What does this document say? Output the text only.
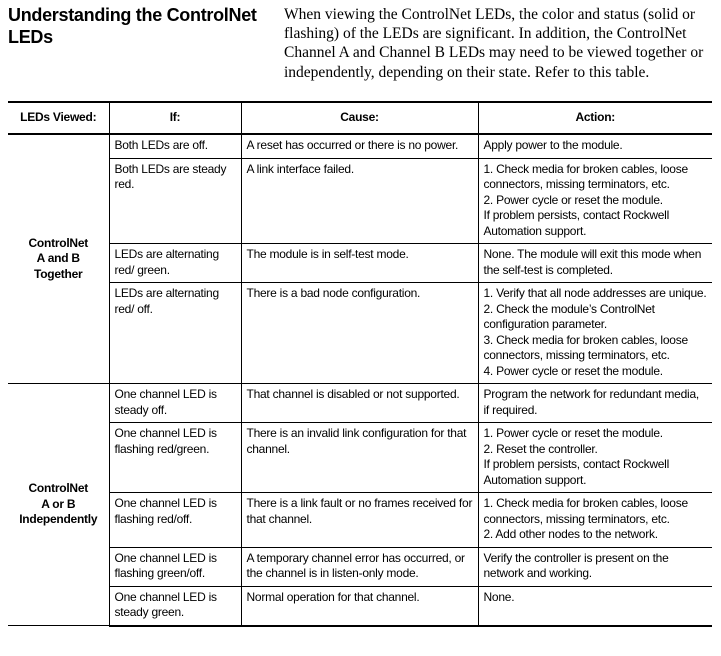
Understanding the ControlNet LEDs
When viewing the ControlNet LEDs, the color and status (solid or flashing) of the LEDs are significant. In addition, the ControlNet Channel A and Channel B LEDs may need to be viewed together or independently, depending on their state. Refer to this table.
LEDs Viewed:	If:	Cause:	Action:

ControlNet
A and B
Together	Both LEDs are off.	A reset has occurred or there is no power.	Apply power to the module.

	Both LEDs are steady red.	A link interface failed.	1. Check media for broken cables, loose connectors, missing terminators, etc.
2. Power cycle or reset the module.
If problem persists, contact Rockwell Automation support.

	LEDs are alternating red/ green.	The module is in self-test mode.	None. The module will exit this mode when the self-test is completed.

	LEDs are alternating red/ off.	There is a bad node configuration.	1. Verify that all node addresses are unique.
2. Check the module’s ControlNet configuration parameter.
3. Check media for broken cables, loose connectors, missing terminators, etc.
4. Power cycle or reset the module.

ControlNet
A or B
Independently	One channel LED is steady off.	That channel is disabled or not supported.	Program the network for redundant media, if required.

	One channel LED is flashing red/green.	There is an invalid link configuration for that channel.	1. Power cycle or reset the module.
2. Reset the controller.
If problem persists, contact Rockwell Automation support.

	One channel LED is flashing red/off.	There is a link fault or no frames received for that channel.	1. Check media for broken cables, loose connectors, missing terminators, etc.
2. Add other nodes to the network.

	One channel LED is flashing green/off.	A temporary channel error has occurred, or the channel is in listen-only mode.	Verify the controller is present on the network and working.

	One channel LED is steady green.	Normal operation for that channel.	None.
